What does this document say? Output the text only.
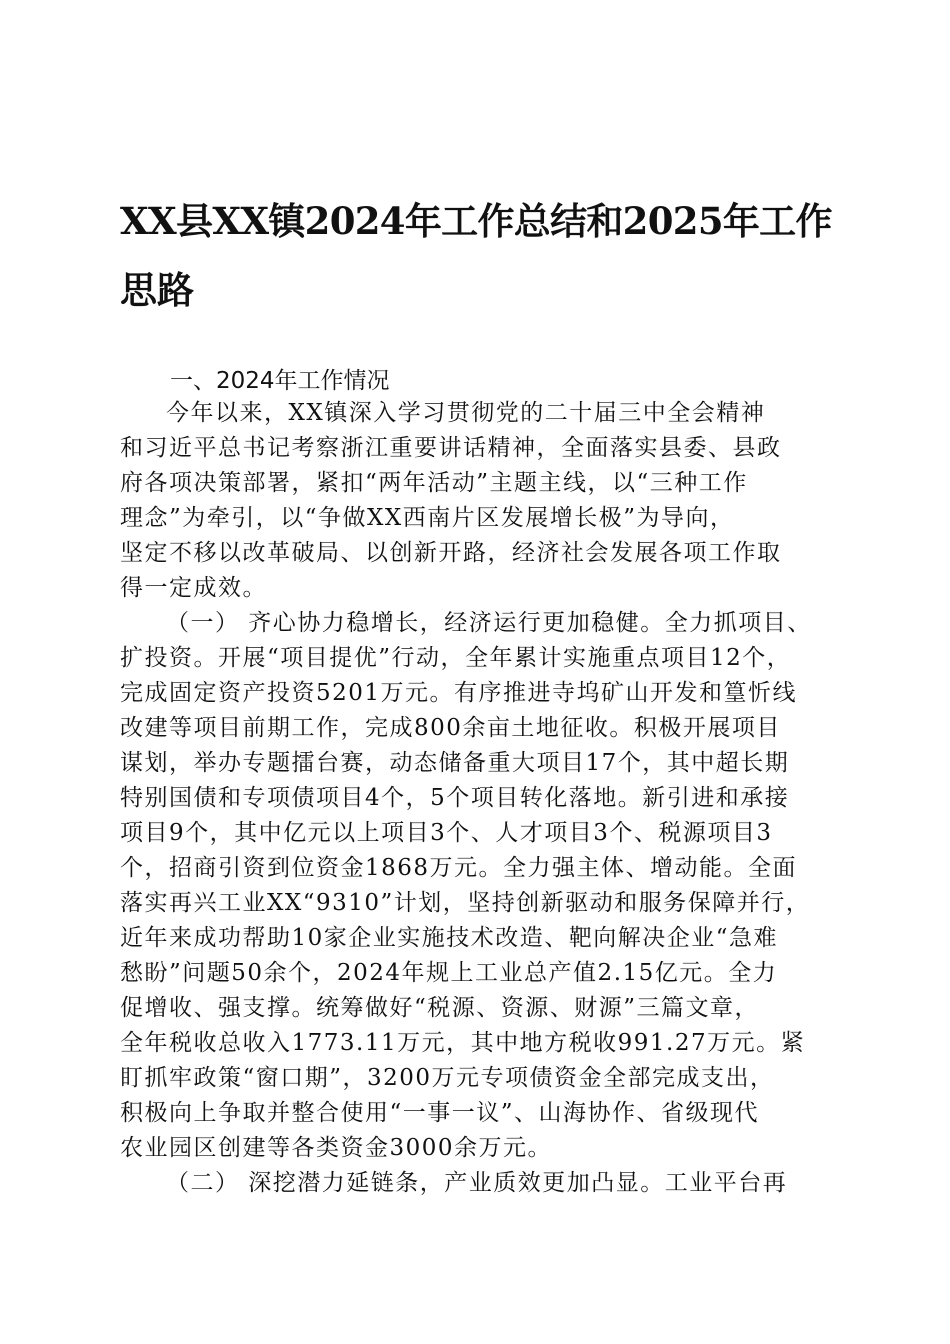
XX县XX镇2024年工作总结和2025年工作
思路
一、2024年工作情况
今年以来，XX镇深入学习贯彻党的二十届三中全会精神
和习近平总书记考察浙江重要讲话精神，全面落实县委、县政
府各项决策部署，紧扣“两年活动”主题主线，以“三种工作
理念”为牵引，以“争做XX西南片区发展增长极”为导向，
坚定不移以改革破局、以创新开路，经济社会发展各项工作取
得一定成效。
（一） 齐心协力稳增长，经济运行更加稳健。全力抓项目、
扩投资。开展“项目提优”行动，全年累计实施重点项目12个，
完成固定资产投资5201万元。有序推进寺坞矿山开发和篁忻线
改建等项目前期工作，完成800余亩土地征收。积极开展项目
谋划，举办专题擂台赛，动态储备重大项目17个，其中超长期
特别国债和专项债项目4个，5个项目转化落地。新引进和承接
项目9个，其中亿元以上项目3个、人才项目3个、税源项目3
个，招商引资到位资金1868万元。全力强主体、增动能。全面
落实再兴工业XX“9310”计划，坚持创新驱动和服务保障并行，
近年来成功帮助10家企业实施技术改造、靶向解决企业“急难
愁盼”问题50余个，2024年规上工业总产值2.15亿元。全力
促增收、强支撑。统筹做好“税源、资源、财源”三篇文章，
全年税收总收入1773.11万元，其中地方税收991.27万元。紧
盯抓牢政策“窗口期”，3200万元专项债资金全部完成支出，
积极向上争取并整合使用“一事一议”、山海协作、省级现代
农业园区创建等各类资金3000余万元。
（二） 深挖潜力延链条，产业质效更加凸显。工业平台再
